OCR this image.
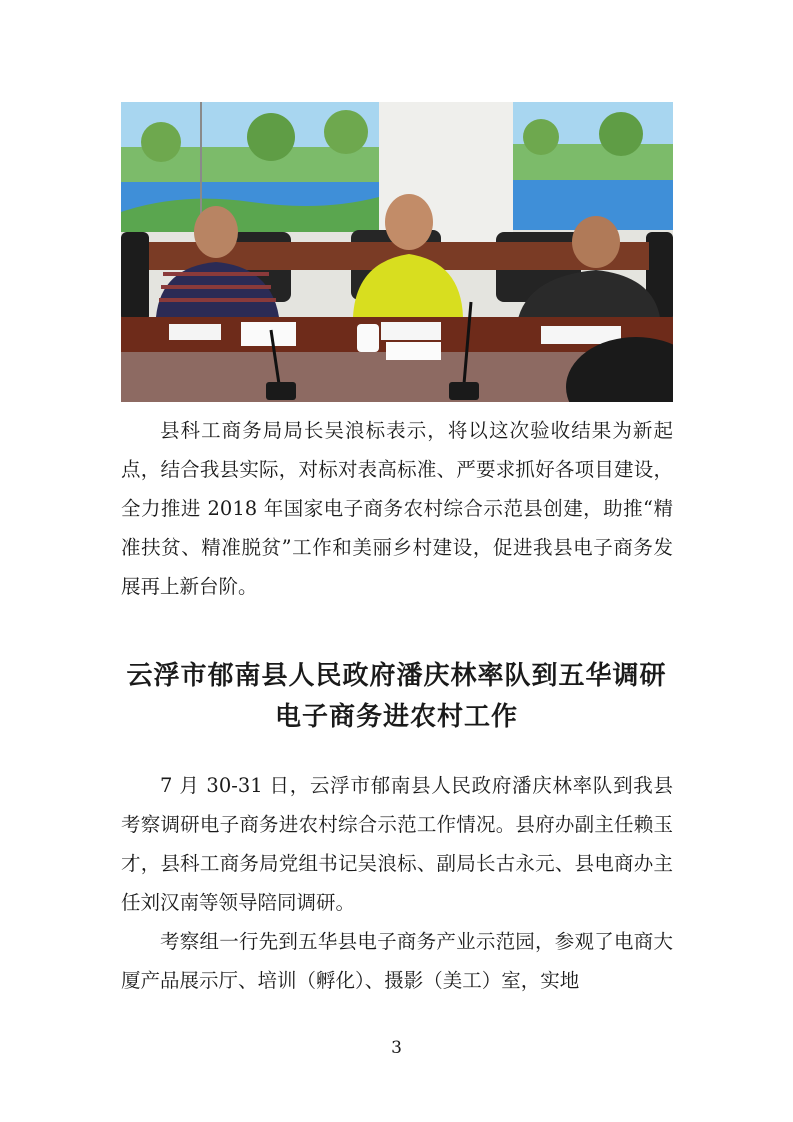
县科工商务局局长吴浪标表示，将以这次验收结果为新起点，结合我县实际，对标对表高标准、严要求抓好各项目建设，全力推进 2018 年国家电子商务农村综合示范县创建，助推“精准扶贫、精准脱贫”工作和美丽乡村建设，促进我县电子商务发展再上新台阶。

云浮市郁南县人民政府潘庆林率队到五华调研
电子商务进农村工作

7 月 30-31 日，云浮市郁南县人民政府潘庆林率队到我县考察调研电子商务进农村综合示范工作情况。县府办副主任赖玉才，县科工商务局党组书记吴浪标、副局长古永元、县电商办主任刘汉南等领导陪同调研。

考察组一行先到五华县电子商务产业示范园，参观了电商大厦产品展示厅、培训（孵化）、摄影（美工）室，实地

3
